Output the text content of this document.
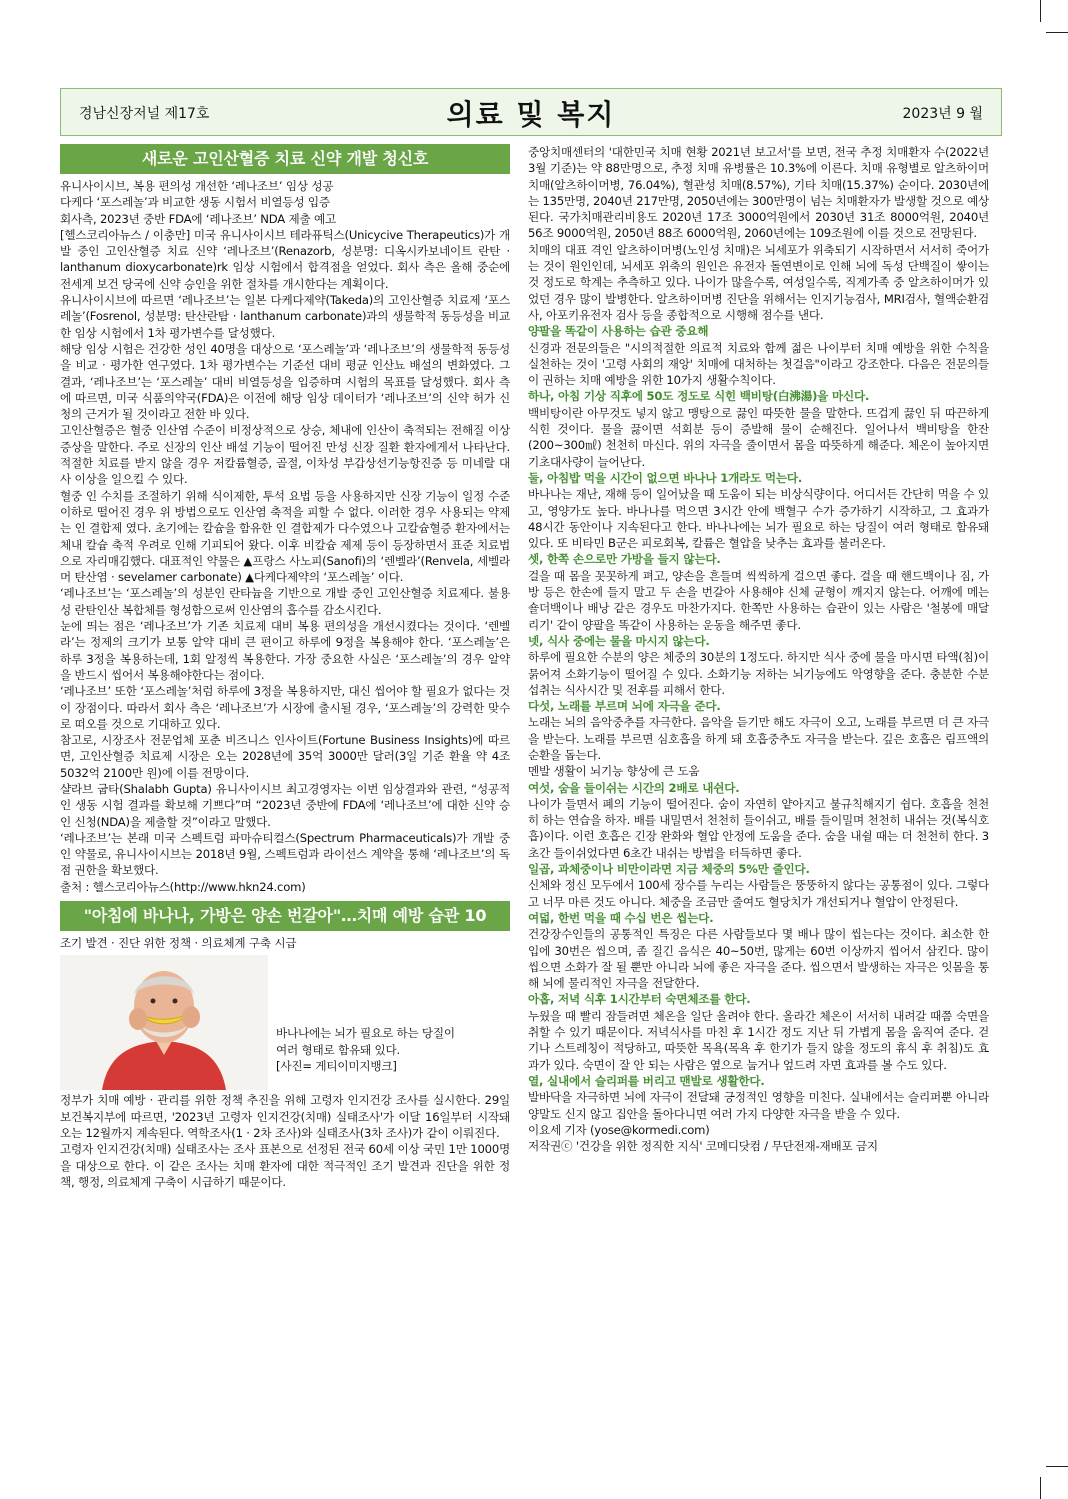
경남신장저널 제17호	의료 및 복지	2023년 9 월
새로운 고인산혈증 치료 신약 개발 청신호

유니사이시브, 복용 편의성 개선한 ‘레나조브’ 임상 성공

다케다 ‘포스레놀’과 비교한 생동 시험서 비열등성 입증

회사측, 2023년 중반 FDA에 ‘레나조브’ NDA 제출 예고

[헬스코리아뉴스 / 이충만] 미국 유니사이시브 테라퓨틱스(Unicycive Therapeutics)가 개발 중인 고인산혈증 치료 신약 ‘레나조브’(Renazorb, 성분명: 디옥시카보네이트 란탄 · lanthanum dioxycarbonate)rk 임상 시험에서 합격점을 얻었다. 회사 측은 올해 중순에 전세계 보건 당국에 신약 승인을 위한 절차를 개시한다는 계획이다.

유니사이시브에 따르면 ‘레나조브’는 일본 다케다제약(Takeda)의 고인산혈증 치료제 ‘포스레놀’(Fosrenol, 성분명: 탄산란탐 · lanthanum carbonate)과의 생물학적 동등성을 비교한 임상 시험에서 1차 평가변수를 달성했다.

해당 임상 시험은 건강한 성인 40명을 대상으로 ‘포스레놀’과 ‘레나조브’의 생물학적 동등성을 비교 · 평가한 연구였다. 1차 평가변수는 기준선 대비 평균 인산뇨 배설의 변화였다. 그 결과, ‘레나조브’는 ‘포스레놀’ 대비 비열등성을 입증하며 시험의 목표를 달성했다. 회사 측에 따르면, 미국 식품의약국(FDA)은 이전에 해당 임상 데이터가 ‘레나조브’의 신약 허가 신청의 근거가 될 것이라고 전한 바 있다.

고인산혈증은 혈중 인산염 수준이 비정상적으로 상승, 체내에 인산이 축적되는 전해질 이상 증상을 말한다. 주로 신장의 인산 배설 기능이 떨어진 만성 신장 질환 환자에게서 나타난다. 적절한 치료를 받지 않을 경우 저칼륨혈증, 골절, 이차성 부갑상선기능항진증 등 미네랄 대사 이상을 일으킬 수 있다.

혈중 인 수치를 조절하기 위해 식이제한, 투석 요법 등을 사용하지만 신장 기능이 일정 수준 이하로 떨어진 경우 위 방법으로도 인산염 축적을 피할 수 없다. 이러한 경우 사용되는 약제는 인 결합제 였다. 초기에는 칼슘을 함유한 인 결합제가 다수였으나 고칼슘혈증 환자에서는 체내 칼슘 축적 우려로 인해 기피되어 왔다. 이후 비칼슘 제제 등이 등장하면서 표준 치료법으로 자리매김했다. 대표적인 약물은 ▲프랑스 사노피(Sanofi)의 ‘렌벨라’(Renvela, 세벨라머 탄산염 · sevelamer carbonate) ▲다케다제약의 ‘포스레놀’ 이다.

‘레나조브’는 ‘포스레놀’의 성분인 란타늄을 기반으로 개발 중인 고인산혈증 치료제다. 불용성 란탄인산 복합체를 형성함으로써 인산염의 흡수를 감소시킨다.

눈에 띄는 점은 ‘레나조브’가 기존 치료제 대비 복용 편의성을 개선시켰다는 것이다. ‘렌벨라’는 정제의 크기가 보통 알약 대비 큰 편이고 하루에 9정을 복용해야 한다. ‘포스레놀’은 하루 3정을 복용하는데, 1회 알정씩 복용한다. 가장 중요한 사실은 ‘포스레놀’의 경우 알약을 반드시 씹어서 복용해야한다는 점이다.

‘레나조브’ 또한 ‘포스레놀’처럼 하루에 3정을 복용하지만, 대신 씹어야 할 필요가 없다는 것이 장점이다. 따라서 회사 측은 ‘레나조브’가 시장에 출시될 경우, ‘포스레놀’의 강력한 맞수로 떠오를 것으로 기대하고 있다.

참고로, 시장조사 전문업체 포춘 비즈니스 인사이트(Fortune Business Insights)에 따르면, 고인산혈증 치료제 시장은 오는 2028년에 35억 3000만 달러(3일 기준 환율 약 4조 5032억 2100만 원)에 이를 전망이다.

샬라브 굽타(Shalabh Gupta) 유니사이시브 최고경영자는 이번 임상결과와 관련, “성공적인 생동 시험 결과를 확보해 기쁘다”며 “2023년 중반에 FDA에 ‘레나조브’에 대한 신약 승인 신청(NDA)을 제출할 것”이라고 말했다.

‘레나조브’는 본래 미국 스펙트럼 파마슈티컬스(Spectrum Pharmaceuticals)가 개발 중인 약물로, 유니사이시브는 2018년 9월, 스펙트럼과 라이선스 계약을 통해 ‘레나조브’의 독점 권한을 확보했다.

출처 : 헬스코리아뉴스(http://www.hkn24.com)

"아침에 바나나, 가방은 양손 번갈아"…치매 예방 습관 10

조기 발견 · 진단 위한 정책 · 의료체계 구축 시급

바나나에는 뇌가 필요로 하는 당질이

여러 형태로 함유돼 있다.

[사진= 게티이미지뱅크]

정부가 치매 예방 · 관리를 위한 정책 추진을 위해 고령자 인지건강 조사를 실시한다. 29일 보건복지부에 따르면, '2023년 고령자 인지건강(치매) 실태조사'가 이달 16일부터 시작돼 오는 12월까지 계속된다. 역학조사(1 · 2차 조사)와 실태조사(3차 조사)가 같이 이뤄진다.

고령자 인지건강(치매) 실태조사는 조사 표본으로 선정된 전국 60세 이상 국민 1만 1000명을 대상으로 한다. 이 같은 조사는 치매 환자에 대한 적극적인 조기 발견과 진단을 위한 정책, 행정, 의료체계 구축이 시급하기 때문이다.

중앙치매센터의 '대한민국 치매 현황 2021년 보고서'를 보면, 전국 추정 치매환자 수(2022년 3월 기준)는 약 88만명으로, 추정 치매 유병률은 10.3%에 이른다. 치매 유형별로 알츠하이머 치매(알츠하이머병, 76.04%), 혈관성 치매(8.57%), 기타 치매(15.37%) 순이다. 2030년에는 135만명, 2040년 217만명, 2050년에는 300만명이 넘는 치매환자가 발생할 것으로 예상된다. 국가치매관리비용도 2020년 17조 3000억원에서 2030년 31조 8000억원, 2040년 56조 9000억원, 2050년 88조 6000억원, 2060년에는 109조원에 이를 것으로 전망된다.

치매의 대표 격인 알츠하이머병(노인성 치매)은 뇌세포가 위축되기 시작하면서 서서히 죽어가는 것이 원인인데, 뇌세포 위축의 원인은 유전자 돌연변이로 인해 뇌에 독성 단백질이 쌓이는 것 정도로 학계는 추측하고 있다. 나이가 많을수록, 여성일수록, 직계가족 중 알츠하이머가 있었던 경우 많이 발병한다. 알츠하이머병 진단을 위해서는 인지기능검사, MRI검사, 혈액순환검사, 아포키유전자 검사 등을 종합적으로 시행해 점수를 낸다.

양팔을 똑같이 사용하는 습관 중요해

신경과 전문의들은 "시의적절한 의료적 치료와 함께 젊은 나이부터 치매 예방을 위한 수칙을 실천하는 것이 '고령 사회의 재앙' 치매에 대처하는 첫걸음"이라고 강조한다. 다음은 전문의들이 권하는 치매 예방을 위한 10가지 생활수칙이다.

하나, 아침 기상 직후에 50도 정도로 식힌 백비탕(白沸湯)을 마신다.

백비탕이란 아무것도 넣지 않고 맹탕으로 끓인 따뜻한 물을 말한다. 뜨겁게 끓인 뒤 따끈하게 식힌 것이다. 물을 끓이면 석회분 등이 증발해 물이 순해진다. 일어나서 백비탕을 한잔(200~300㎖) 천천히 마신다. 위의 자극을 줄이면서 몸을 따뜻하게 해준다. 체온이 높아지면 기초대사량이 늘어난다.

둘, 아침밥 먹을 시간이 없으면 바나나 1개라도 먹는다.

바나나는 재난, 재해 등이 일어났을 때 도움이 되는 비상식량이다. 어디서든 간단히 먹을 수 있고, 영양가도 높다. 바나나를 먹으면 3시간 안에 백혈구 수가 증가하기 시작하고, 그 효과가 48시간 동안이나 지속된다고 한다. 바나나에는 뇌가 필요로 하는 당질이 여러 형태로 함유돼 있다. 또 비타민 B군은 피로회복, 칼륨은 혈압을 낮추는 효과를 불러온다.

셋, 한쪽 손으로만 가방을 들지 않는다.

걸을 때 몸을 꼿꼿하게 펴고, 양손을 흔들며 씩씩하게 걸으면 좋다. 걸을 때 핸드백이나 짐, 가방 등은 한손에 들지 말고 두 손을 번갈아 사용해야 신체 균형이 깨지지 않는다. 어깨에 메는 숄더백이나 배낭 같은 경우도 마찬가지다. 한쪽만 사용하는 습관이 있는 사람은 '철봉에 매달리기' 같이 양팔을 똑같이 사용하는 운동을 해주면 좋다.

넷, 식사 중에는 물을 마시지 않는다.

하루에 필요한 수분의 양은 체중의 30분의 1정도다. 하지만 식사 중에 물을 마시면 타액(침)이 묽어져 소화기능이 떨어질 수 있다. 소화기능 저하는 뇌기능에도 악영향을 준다. 충분한 수분 섭취는 식사시간 및 전후를 피해서 한다.

다섯, 노래를 부르며 뇌에 자극을 준다.

노래는 뇌의 음악중추를 자극한다. 음악을 듣기만 해도 자극이 오고, 노래를 부르면 더 큰 자극을 받는다. 노래를 부르면 심호흡을 하게 돼 호흡중추도 자극을 받는다. 깊은 호흡은 림프액의 순환을 돕는다.

멘발 생활이 뇌기능 향상에 큰 도움

여섯, 숨을 들이쉬는 시간의 2배로 내쉰다.

나이가 들면서 폐의 기능이 떨어진다. 숨이 자연히 얕아지고 불규칙해지기 쉽다. 호흡을 천천히 하는 연습을 하자. 배를 내밀면서 천천히 들이쉬고, 배를 들이밀며 천천히 내쉬는 것(복식호흡)이다. 이런 호흡은 긴장 완화와 혈압 안정에 도움을 준다. 숨을 내쉴 때는 더 천천히 한다. 3초간 들이쉬었다면 6초간 내쉬는 방법을 터득하면 좋다.

일곱, 과체중이나 비만이라면 지금 체중의 5%만 줄인다.

신체와 정신 모두에서 100세 장수를 누리는 사람들은 뚱뚱하지 않다는 공통점이 있다. 그렇다고 너무 마른 것도 아니다. 체중을 조금만 줄여도 혈당치가 개선되거나 혈압이 안정된다.

여덟, 한번 먹을 때 수십 번은 씹는다.

건강장수인들의 공통적인 특징은 다른 사람들보다 몇 배나 많이 씹는다는 것이다. 최소한 한 입에 30번은 씹으며, 좀 질긴 음식은 40~50번, 많게는 60번 이상까지 씹어서 삼킨다. 많이 씹으면 소화가 잘 될 뿐만 아니라 뇌에 좋은 자극을 준다. 씹으면서 발생하는 자극은 잇몸을 통해 뇌에 물리적인 자극을 전달한다.

아홉, 저녁 식후 1시간부터 숙면체조를 한다.

누웠을 때 빨리 잠들려면 체온을 일단 올려야 한다. 올라간 체온이 서서히 내려갈 때쯤 숙면을 취할 수 있기 때문이다. 저녁식사를 마친 후 1시간 정도 지난 뒤 가볍게 몸을 움직여 준다. 걷기나 스트레칭이 적당하고, 따뜻한 목욕(목욕 후 한기가 들지 않을 정도의 휴식 후 취침)도 효과가 있다. 숙면이 잘 안 되는 사람은 옆으로 눕거나 엎드려 자면 효과를 볼 수도 있다.

열, 실내에서 슬리퍼를 버리고 맨발로 생활한다.

발바닥을 자극하면 뇌에 자극이 전달돼 긍정적인 영향을 미친다. 실내에서는 슬리퍼뿐 아니라 양말도 신지 않고 집안을 돌아다니면 여러 가지 다양한 자극을 받을 수 있다.

이요세 기자 (yose@kormedi.com)

저작권ⓒ '건강을 위한 정직한 지식' 코메디닷컴 / 무단전재-재배포 금지
